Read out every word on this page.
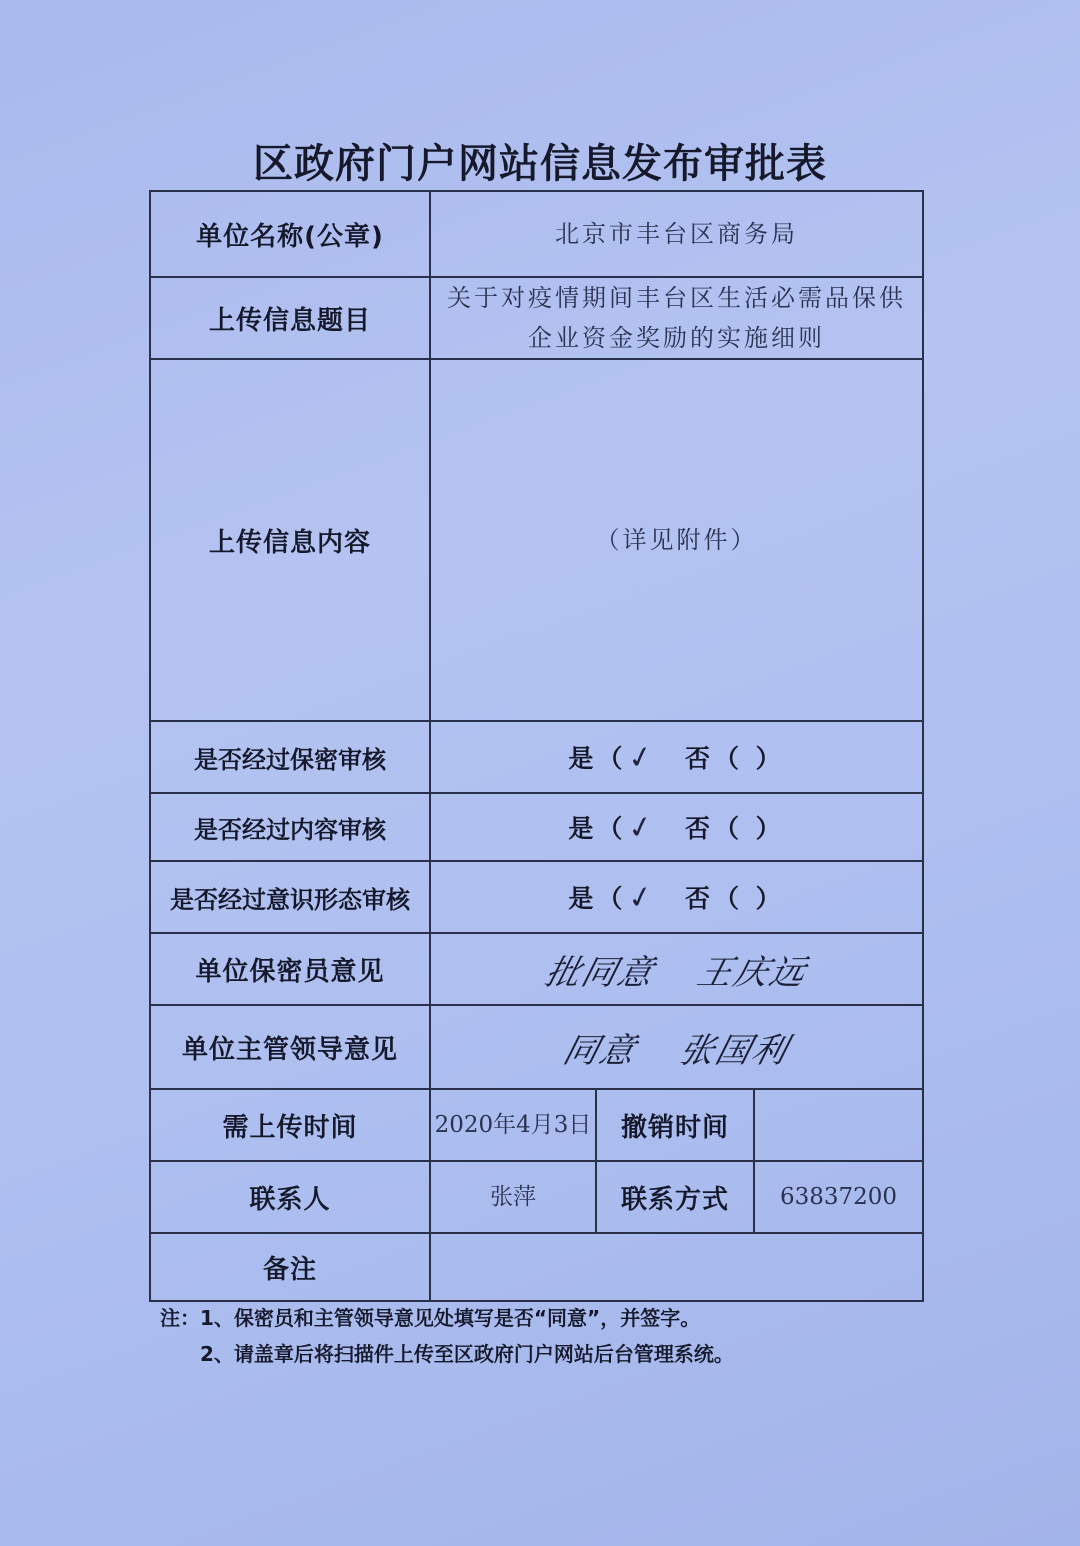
区政府门户网站信息发布审批表
单位名称(公章)	北京市丰台区商务局		
上传信息题目	关于对疫情期间丰台区生活必需品保供企业资金奖励的实施细则		
上传信息内容	（详见附件）		
是否经过保密审核	是（✓ 否（ ）		
是否经过内容审核	是（✓ 否（ ）		
是否经过意识形态审核	是（✓ 否（ ）		
单位保密员意见	批同意 王庆远		
单位主管领导意见	同意 张国利		
需上传时间	2020年4月3日	撤销时间	
联系人	张萍	联系方式	63837200
备注			
注：1、保密员和主管领导意见处填写是否“同意”，并签字。
2、请盖章后将扫描件上传至区政府门户网站后台管理系统。
